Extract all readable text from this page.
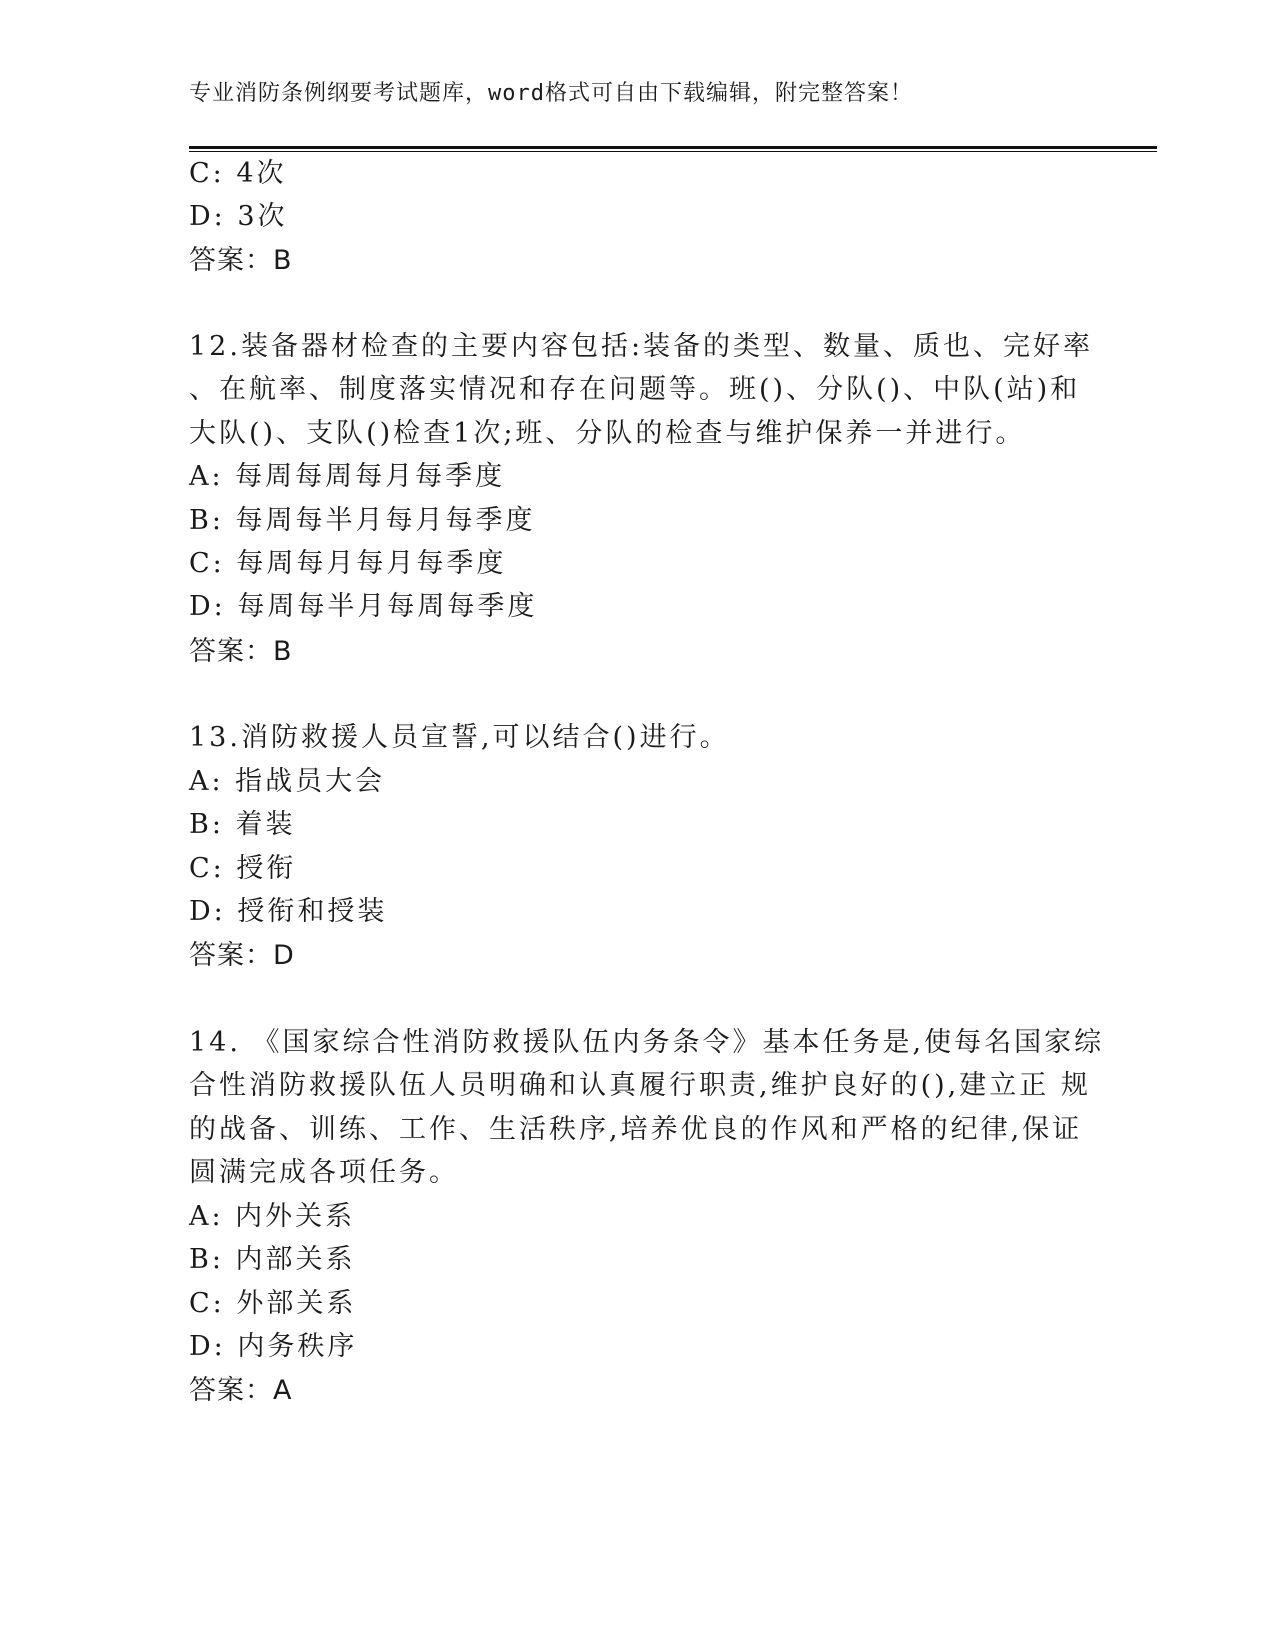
专业消防条例纲要考试题库，word格式可自由下载编辑，附完整答案！
C: 4次
D: 3次
答案：B
12.装备器材检查的主要内容包括:装备的类型、数量、质也、完好率
、在航率、制度落实情况和存在问题等。班()、分队()、中队(站)和
大队()、支队()检查1次;班、分队的检查与维护保养一并进行。
A: 每周每周每月每季度
B: 每周每半月每月每季度
C: 每周每月每月每季度
D: 每周每半月每周每季度
答案：B
13.消防救援人员宣誓,可以结合()进行。
A: 指战员大会
B: 着装
C: 授衔
D: 授衔和授装
答案：D
14. 《国家综合性消防救援队伍内务条令》基本任务是,使每名国家综
合性消防救援队伍人员明确和认真履行职责,维护良好的(),建立正 规
的战备、训练、工作、生活秩序,培养优良的作风和严格的纪律,保证
圆满完成各项任务。
A: 内外关系
B: 内部关系
C: 外部关系
D: 内务秩序
答案：A
